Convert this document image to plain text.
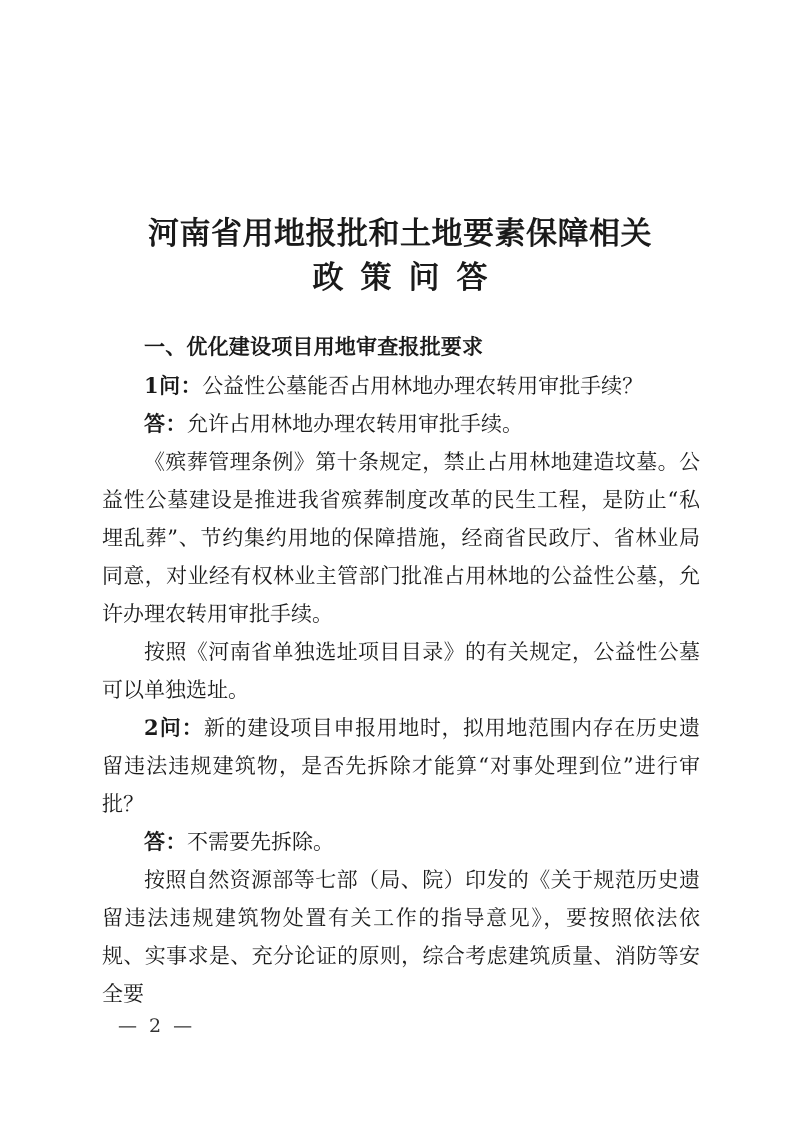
河南省用地报批和土地要素保障相关
政策问答

一、优化建设项目用地审查报批要求

1问：公益性公墓能否占用林地办理农转用审批手续？

答：允许占用林地办理农转用审批手续。

《殡葬管理条例》第十条规定，禁止占用林地建造坟墓。公益性公墓建设是推进我省殡葬制度改革的民生工程，是防止“私埋乱葬”、节约集约用地的保障措施，经商省民政厅、省林业局同意，对业经有权林业主管部门批准占用林地的公益性公墓，允许办理农转用审批手续。

按照《河南省单独选址项目目录》的有关规定，公益性公墓可以单独选址。

2问：新的建设项目申报用地时，拟用地范围内存在历史遗留违法违规建筑物，是否先拆除才能算“对事处理到位”进行审批？

答：不需要先拆除。

按照自然资源部等七部（局、院）印发的《关于规范历史遗留违法违规建筑物处置有关工作的指导意见》，要按照依法依规、实事求是、充分论证的原则，综合考虑建筑质量、消防等安全要

— 2 —
